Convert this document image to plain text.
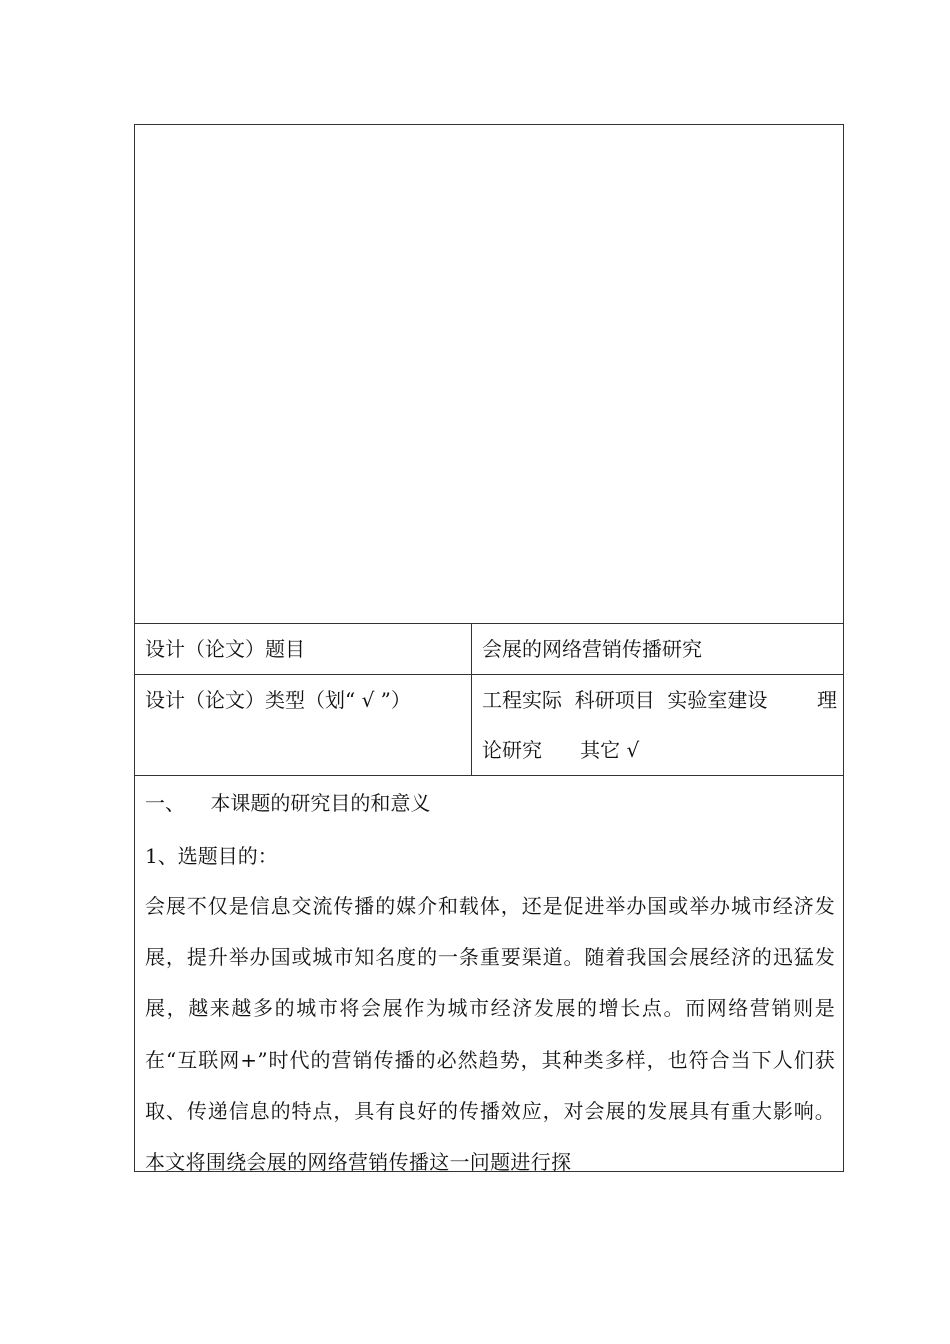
设计（论文）题目	会展的网络营销传播研究
设计（论文）类型（划“ √ ”）	工程实际  科研项目  实验室建设 理
论研究      其它 √
一、    本课题的研究目的和意义
1、选题目的：

会展不仅是信息交流传播的媒介和载体，还是促进举办国或举办城市经济发展，提升举办国或城市知名度的一条重要渠道。随着我国会展经济的迅猛发展，越来越多的城市将会展作为城市经济发展的增长点。而网络营销则是在“互联网+”时代的营销传播的必然趋势，其种类多样，也符合当下人们获取、传递信息的特点，具有良好的传播效应，对会展的发展具有重大影响。本文将围绕会展的网络营销传播这一问题进行探
